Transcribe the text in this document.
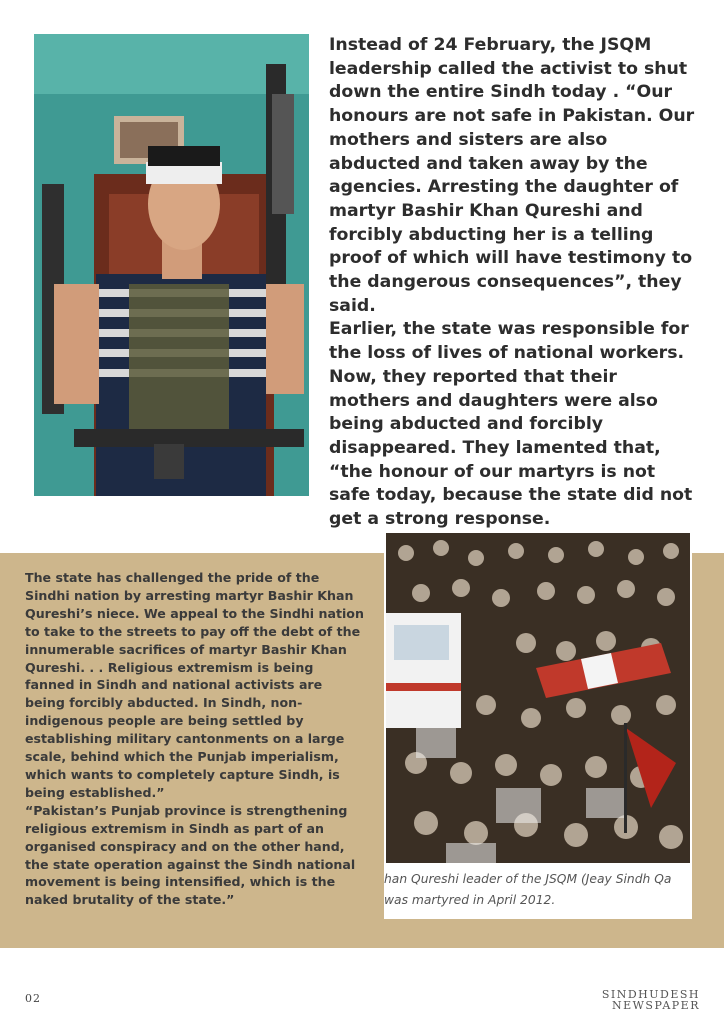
Instead of 24 February, the JSQM leadership called the activist to shut down the entire Sindh today . “Our honours are not safe in Pakistan. Our mothers and sisters are also abducted and taken away by the agencies. Arresting the daughter of martyr Bashir Khan Qureshi and forcibly abducting her is a telling proof of which will have testimony to the dangerous consequences”, they said.

Earlier, the state was responsible for the loss of lives of national workers. Now, they reported that their mothers and daughters were also being abducted and forcibly disappeared. They lamented that, “the honour of our martyrs is not safe today, because the state did not get a strong response.

The state has challenged the pride of the Sindhi nation by arresting martyr Bashir Khan Qureshi’s niece. We appeal to the Sindhi nation to take to the streets to pay off the debt of the innumerable sacrifices of martyr Bashir Khan Qureshi. . . Religious extremism is being fanned in Sindh and national activists are being forcibly abducted. In Sindh, non-indigenous people are being settled by establishing military cantonments on a large scale, behind which the Punjab imperialism, which wants to completely capture Sindh, is being established.”

“Pakistan’s Punjab province is strengthening religious extremism in Sindh as part of an organised conspiracy and on the other hand, the state operation against the Sindh national movement is being intensified, which is the naked brutality of the state.”

han Qureshi leader of the JSQM (Jeay Sindh Qa
was martyred in April 2012.
02	SINDHUDESH
NEWSPAPER
